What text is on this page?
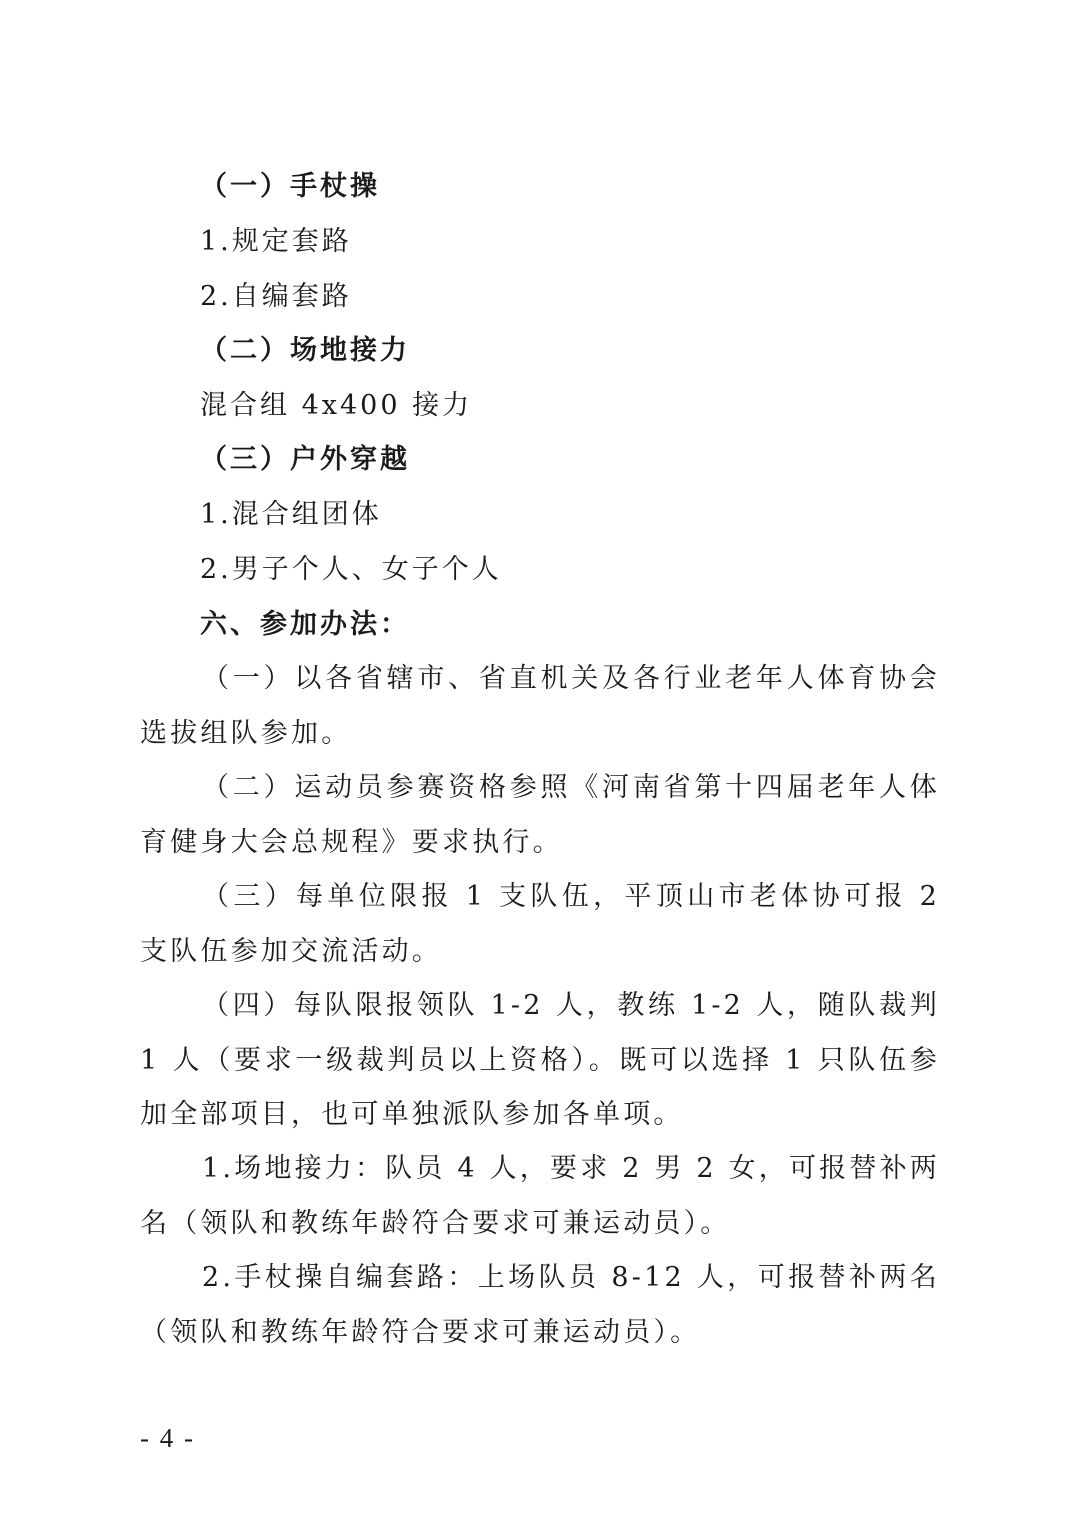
（一）手杖操
1.规定套路
2.自编套路
（二）场地接力
混合组 4x400 接力
（三）户外穿越
1.混合组团体
2.男子个人、女子个人
六、参加办法：
（一）以各省辖市、省直机关及各行业老年人体育协会选拔组队参加。
（二）运动员参赛资格参照《河南省第十四届老年人体育健身大会总规程》要求执行。
（三）每单位限报 1 支队伍，平顶山市老体协可报 2 支队伍参加交流活动。
（四）每队限报领队 1-2 人，教练 1-2 人，随队裁判 1 人（要求一级裁判员以上资格）。既可以选择 1 只队伍参加全部项目，也可单独派队参加各单项。
1.场地接力：队员 4 人，要求 2 男 2 女，可报替补两名（领队和教练年龄符合要求可兼运动员）。
2.手杖操自编套路：上场队员 8-12 人，可报替补两名（领队和教练年龄符合要求可兼运动员）。
- 4 -
